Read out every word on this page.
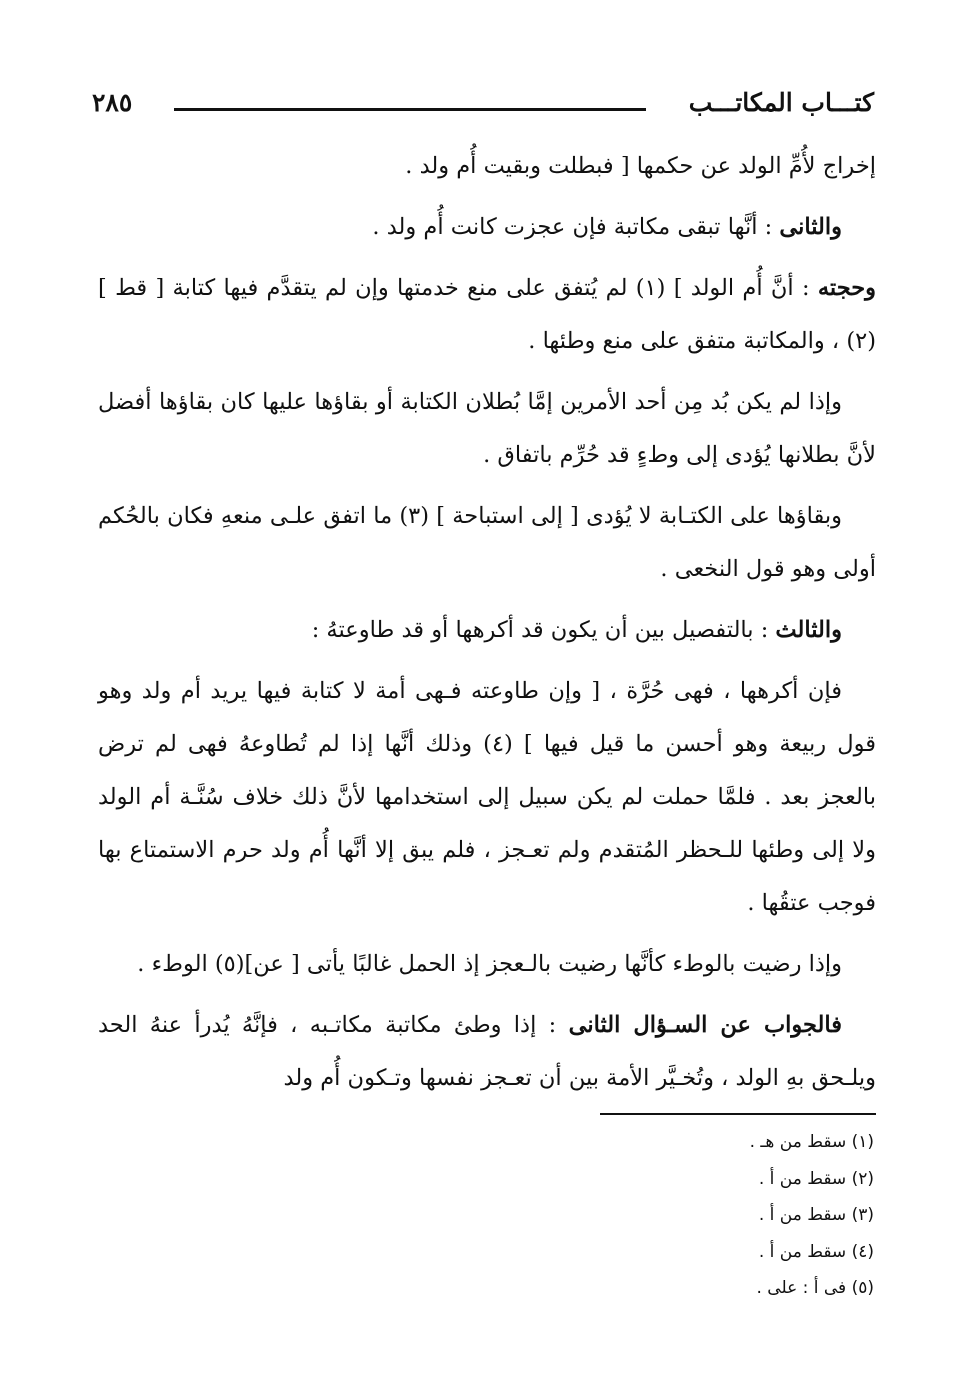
كتـــاب المكاتـــب
٢٨٥

إخراج لأُمِّ الولد عن حكمها [ فبطلت وبقيت أُم ولد .

والثانى : أنَّها تبقى مكاتبة فإن عجزت كانت أُم ولد .

وحجته : أنَّ أُم الولد ] (١) لم يُتفق على منع خدمتها وإن لم يتقدَّم فيها كتابة [ قط ] (٢) ، والمكاتبة متفق على منع وطئها .

وإذا لم يكن بُد مِن أحد الأمرين إمَّا بُطلان الكتابة أو بقاؤها عليها كان بقاؤها أفضل لأنَّ بطلانها يُؤدى إلى وطءٍ قد حُرِّم باتفاق .

وبقاؤها على الكتـابة لا يُؤدى [ إلى استباحة ] (٣) ما اتفق علـى منعهِ فكان بالحُكم أولى وهو قول النخعى .

والثالث : بالتفصيل بين أن يكون قد أكرهها أو قد طاوعتهُ :

فإن أكرهها ، فهى حُرَّة ، [ وإن طاوعته فـهى أمة لا كتابة فيها يريد أم ولد وهو قول ربيعة وهو أحسن ما قيل فيها ] (٤) وذلك أنَّها إذا لم تُطاوعهُ فهى لم ترض بالعجز بعد . فلمَّا حملت لم يكن سبيل إلى استخدامها لأنَّ ذلك خلاف سُنَّـة أم الولد ولا إلى وطئها للـحظر المُتقدم ولم تعـجز ، فلم يبق إلا أنَّها أُم ولد حرم الاستمتاع بها فوجب عتقُها .

وإذا رضيت بالوطء كأنَّها رضيت بالـعجز إذ الحمل غالبًا يأتى [ عن](٥) الوطء .

فالجواب عن السـؤال الثانى : إذا وطئ مكاتبة مكاتـبه ، فإنَّهُ يُدرأ عنهُ الحد ويلـحق بهِ الولد ، وتُخـيَّر الأمة بين أن تعـجز نفسها وتـكون أُم ولد

(١) سقط من هـ .
(٢) سقط من أ .
(٣) سقط من أ .
(٤) سقط من أ .
(٥) فى أ : على .
